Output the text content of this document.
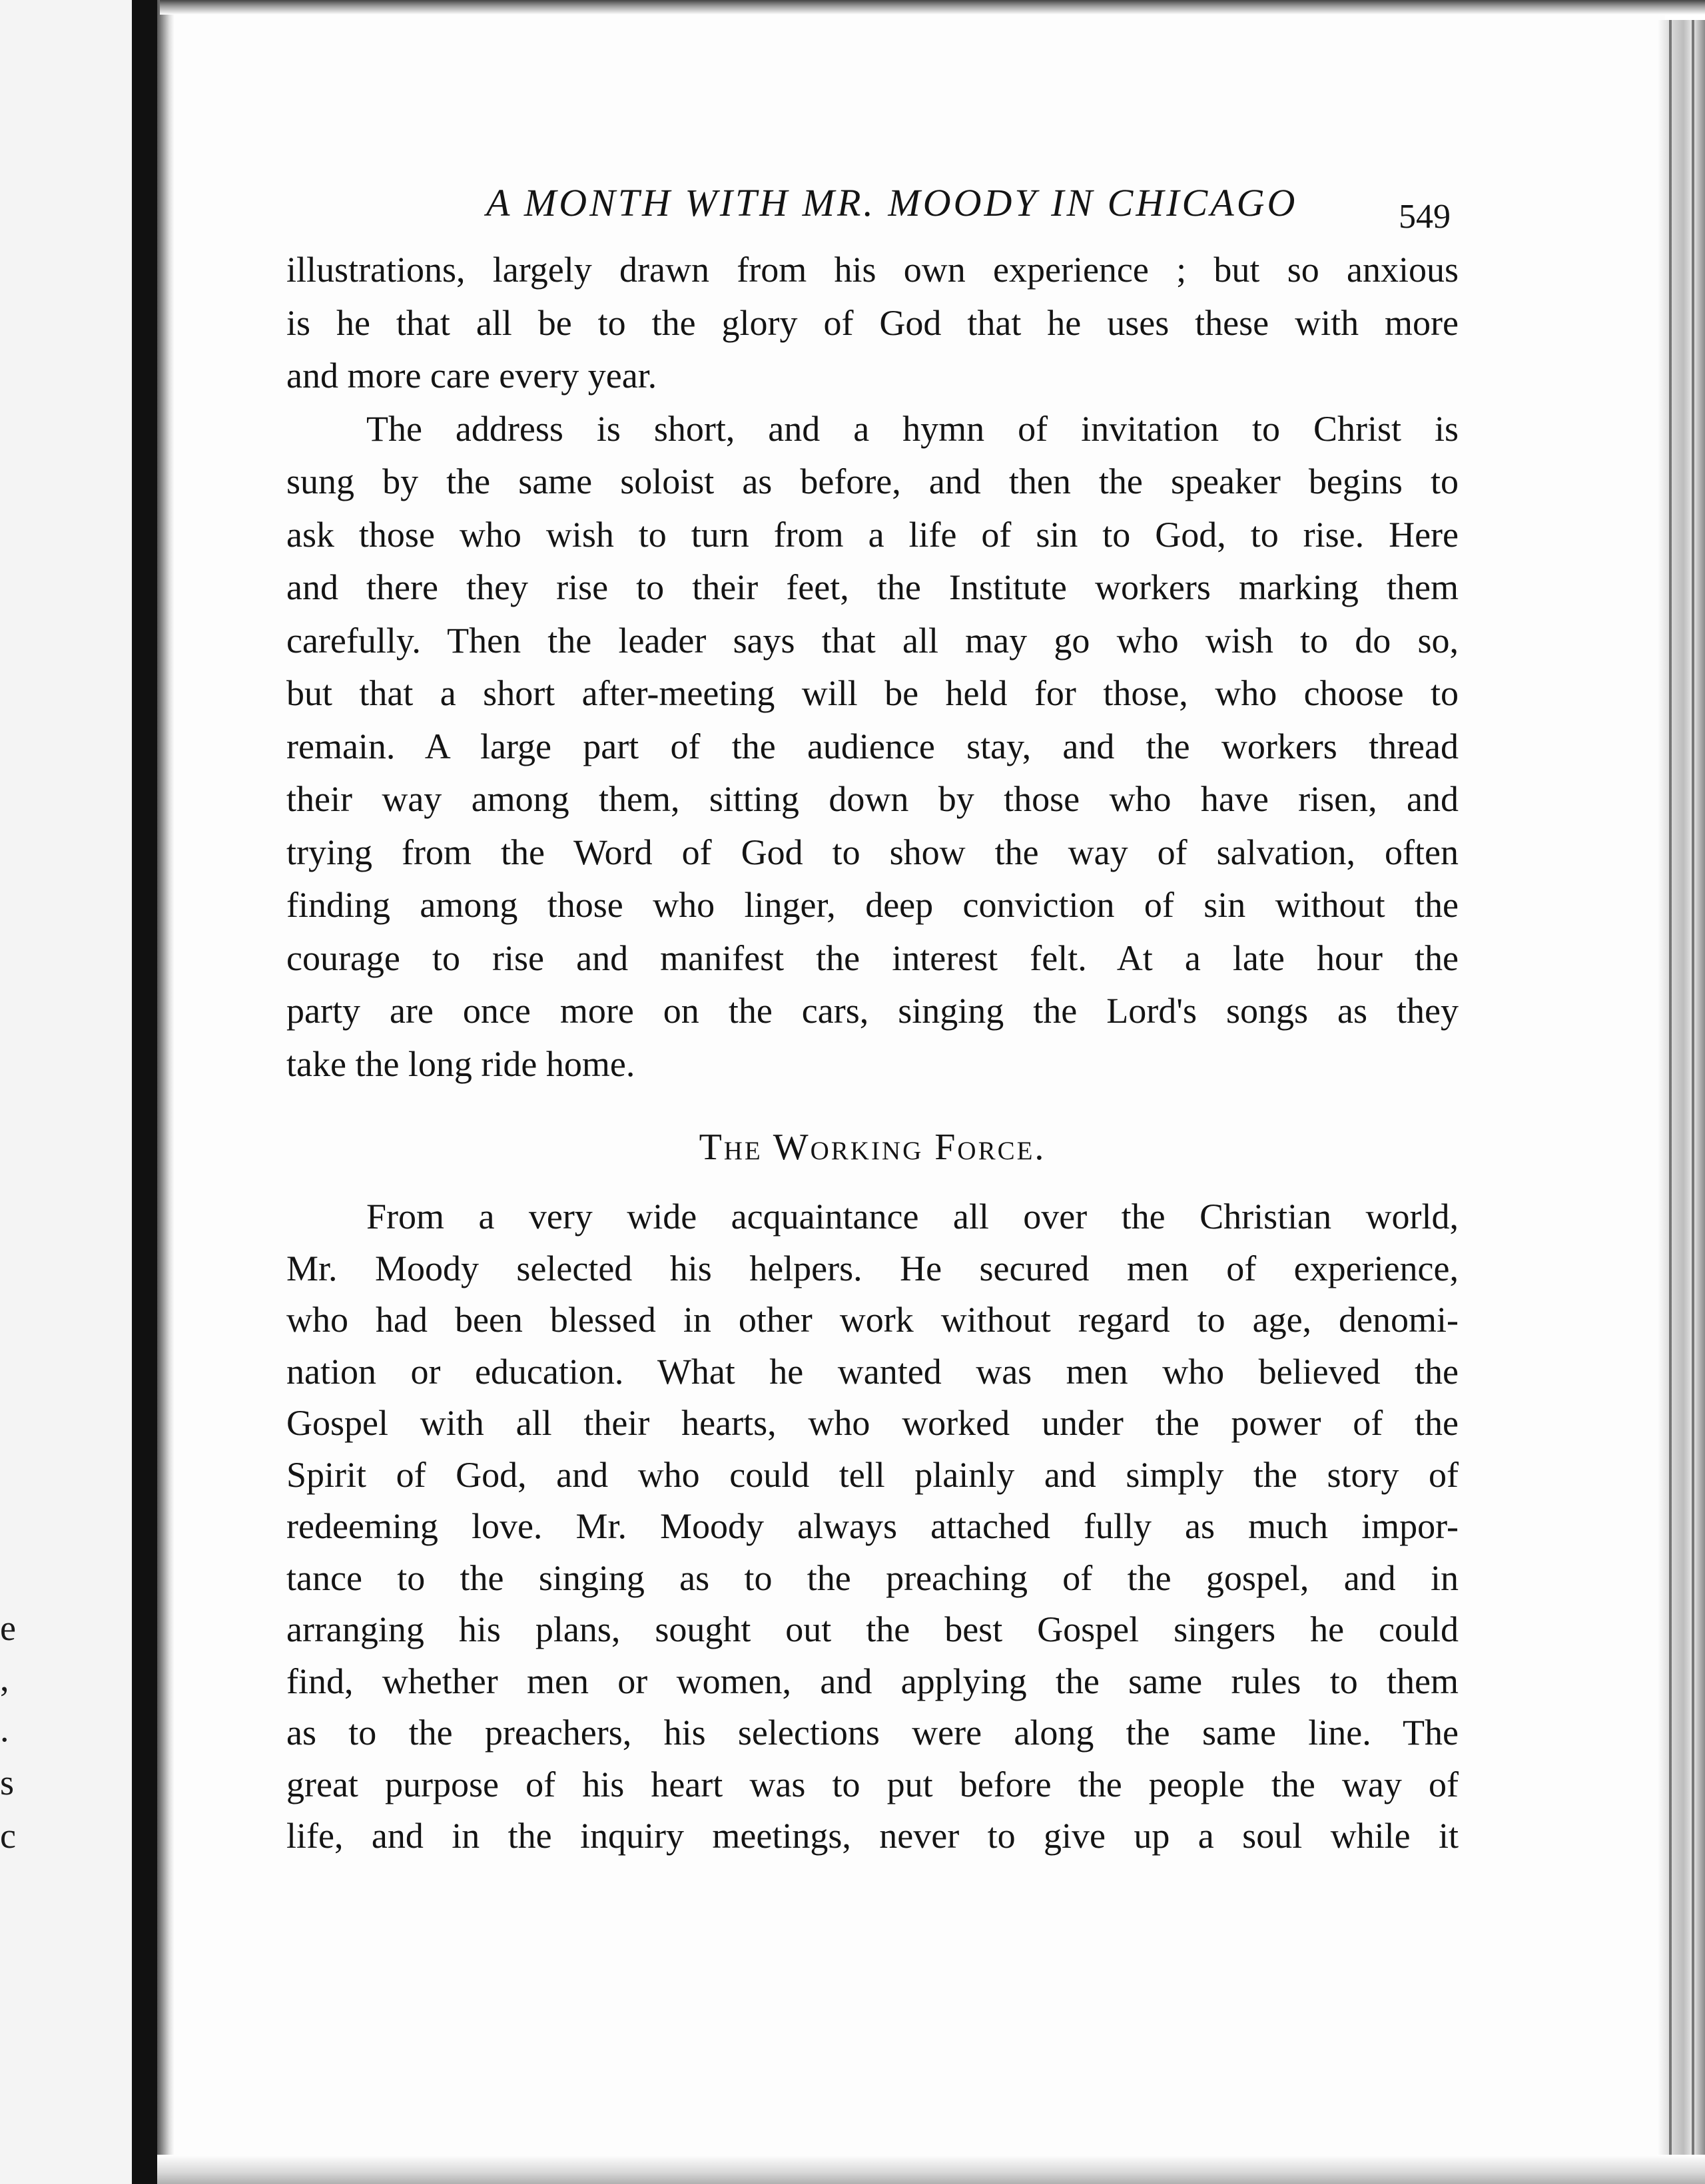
e
,
.
s
c
A MONTH WITH MR. MOODY IN CHICAGO	549
illustrations, largely drawn from his own experience ; but so anxious
is he that all be to the glory of God that he uses these with more
and more care every year.
The address is short, and a hymn of invitation to Christ is
sung by the same soloist as before, and then the speaker begins to
ask those who wish to turn from a life of sin to God, to rise. Here
and there they rise to their feet, the Institute workers marking them
carefully. Then the leader says that all may go who wish to do so,
but that a short after-meeting will be held for those, who choose to
remain. A large part of the audience stay, and the workers thread
their way among them, sitting down by those who have risen, and
trying from the Word of God to show the way of salvation, often
finding among those who linger, deep conviction of sin without the
courage to rise and manifest the interest felt. At a late hour the
party are once more on the cars, singing the Lord's songs as they
take the long ride home.
The Working Force.
From a very wide acquaintance all over the Christian world,
Mr. Moody selected his helpers. He secured men of experience,
who had been blessed in other work without regard to age, denomi-
nation or education. What he wanted was men who believed the
Gospel with all their hearts, who worked under the power of the
Spirit of God, and who could tell plainly and simply the story of
redeeming love. Mr. Moody always attached fully as much impor-
tance to the singing as to the preaching of the gospel, and in
arranging his plans, sought out the best Gospel singers he could
find, whether men or women, and applying the same rules to them
as to the preachers, his selections were along the same line. The
great purpose of his heart was to put before the people the way of
life, and in the inquiry meetings, never to give up a soul while it
